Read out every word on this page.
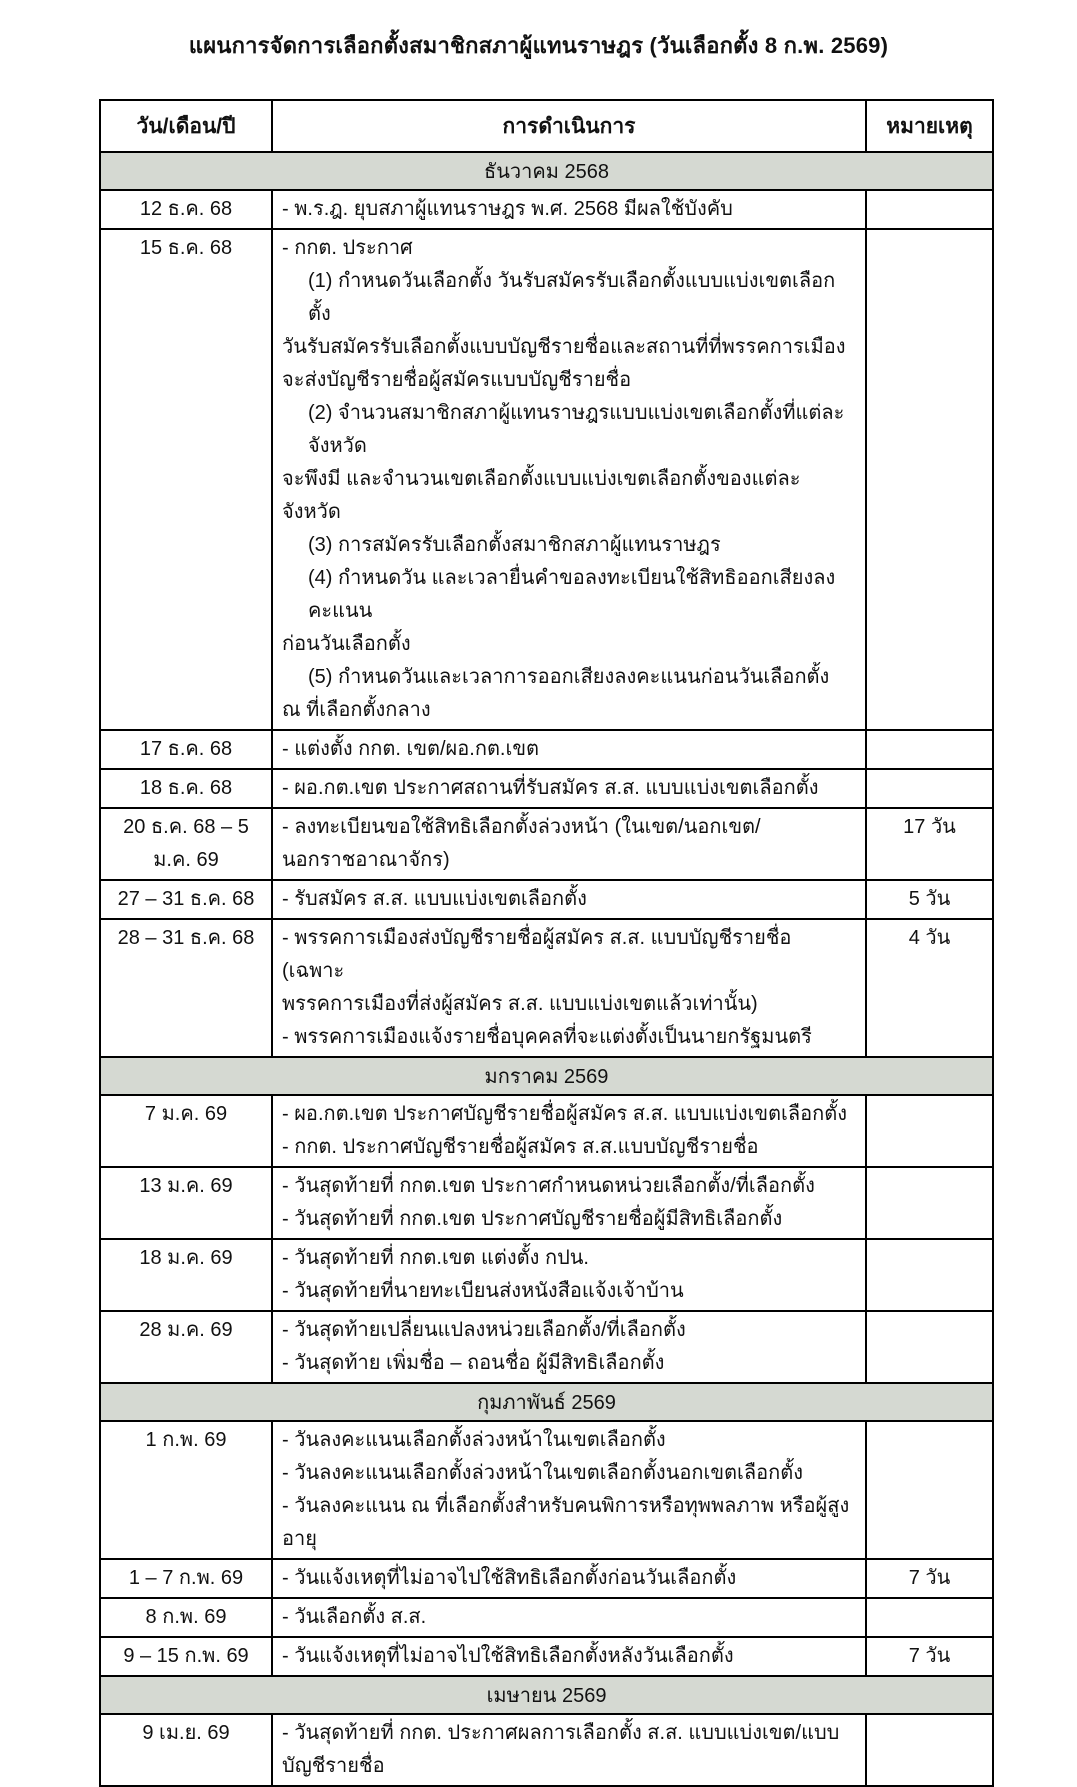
แผนการจัดการเลือกตั้งสมาชิกสภาผู้แทนราษฎร (วันเลือกตั้ง 8 ก.พ. 2569)
วัน/เดือน/ปี	การดำเนินการ	หมายเหตุ
ธันวาคม 2568		
12 ธ.ค. 68	- พ.ร.ฎ. ยุบสภาผู้แทนราษฎร พ.ศ. 2568 มีผลใช้บังคับ	

15 ธ.ค. 68	- กกต. ประกาศ
(1) กำหนดวันเลือกตั้ง วันรับสมัครรับเลือกตั้งแบบแบ่งเขตเลือกตั้ง
วันรับสมัครรับเลือกตั้งแบบบัญชีรายชื่อและสถานที่ที่พรรคการเมือง
จะส่งบัญชีรายชื่อผู้สมัครแบบบัญชีรายชื่อ
(2) จำนวนสมาชิกสภาผู้แทนราษฎรแบบแบ่งเขตเลือกตั้งที่แต่ละจังหวัด
จะพึงมี และจำนวนเขตเลือกตั้งแบบแบ่งเขตเลือกตั้งของแต่ละจังหวัด
(3) การสมัครรับเลือกตั้งสมาชิกสภาผู้แทนราษฎร
(4) กำหนดวัน และเวลายื่นคำขอลงทะเบียนใช้สิทธิออกเสียงลงคะแนน
ก่อนวันเลือกตั้ง
(5) กำหนดวันและเวลาการออกเสียงลงคะแนนก่อนวันเลือกตั้ง
ณ ที่เลือกตั้งกลาง

17 ธ.ค. 68	- แต่งตั้ง กกต. เขต/ผอ.กต.เขต	

18 ธ.ค. 68	- ผอ.กต.เขต ประกาศสถานที่รับสมัคร ส.ส. แบบแบ่งเขตเลือกตั้ง	

20 ธ.ค. 68 – 5 ม.ค. 69	- ลงทะเบียนขอใช้สิทธิเลือกตั้งล่วงหน้า (ในเขต/นอกเขต/
นอกราชอาณาจักร)	17 วัน
27 – 31 ธ.ค. 68	- รับสมัคร ส.ส. แบบแบ่งเขตเลือกตั้ง	5 วัน
28 – 31 ธ.ค. 68	- พรรคการเมืองส่งบัญชีรายชื่อผู้สมัคร ส.ส. แบบบัญชีรายชื่อ (เฉพาะ
พรรคการเมืองที่ส่งผู้สมัคร ส.ส. แบบแบ่งเขตแล้วเท่านั้น)
- พรรคการเมืองแจ้งรายชื่อบุคคลที่จะแต่งตั้งเป็นนายกรัฐมนตรี	4 วัน
มกราคม 2569		
7 ม.ค. 69	- ผอ.กต.เขต ประกาศบัญชีรายชื่อผู้สมัคร ส.ส. แบบแบ่งเขตเลือกตั้ง
- กกต. ประกาศบัญชีรายชื่อผู้สมัคร ส.ส.แบบบัญชีรายชื่อ	

13 ม.ค. 69	- วันสุดท้ายที่ กกต.เขต ประกาศกำหนดหน่วยเลือกตั้ง/ที่เลือกตั้ง
- วันสุดท้ายที่ กกต.เขต ประกาศบัญชีรายชื่อผู้มีสิทธิเลือกตั้ง	

18 ม.ค. 69	- วันสุดท้ายที่ กกต.เขต แต่งตั้ง กปน.
- วันสุดท้ายที่นายทะเบียนส่งหนังสือแจ้งเจ้าบ้าน	

28 ม.ค. 69	- วันสุดท้ายเปลี่ยนแปลงหน่วยเลือกตั้ง/ที่เลือกตั้ง
- วันสุดท้าย เพิ่มชื่อ – ถอนชื่อ ผู้มีสิทธิเลือกตั้ง	

กุมภาพันธ์ 2569		
1 ก.พ. 69	- วันลงคะแนนเลือกตั้งล่วงหน้าในเขตเลือกตั้ง
- วันลงคะแนนเลือกตั้งล่วงหน้าในเขตเลือกตั้งนอกเขตเลือกตั้ง
- วันลงคะแนน ณ ที่เลือกตั้งสำหรับคนพิการหรือทุพพลภาพ หรือผู้สูงอายุ	

1 – 7 ก.พ. 69	- วันแจ้งเหตุที่ไม่อาจไปใช้สิทธิเลือกตั้งก่อนวันเลือกตั้ง	7 วัน
8 ก.พ. 69	- วันเลือกตั้ง ส.ส.	

9 – 15 ก.พ. 69	- วันแจ้งเหตุที่ไม่อาจไปใช้สิทธิเลือกตั้งหลังวันเลือกตั้ง	7 วัน
เมษายน 2569		
9 เม.ย. 69	- วันสุดท้ายที่ กกต. ประกาศผลการเลือกตั้ง ส.ส. แบบแบ่งเขต/แบบบัญชีรายชื่อ	
